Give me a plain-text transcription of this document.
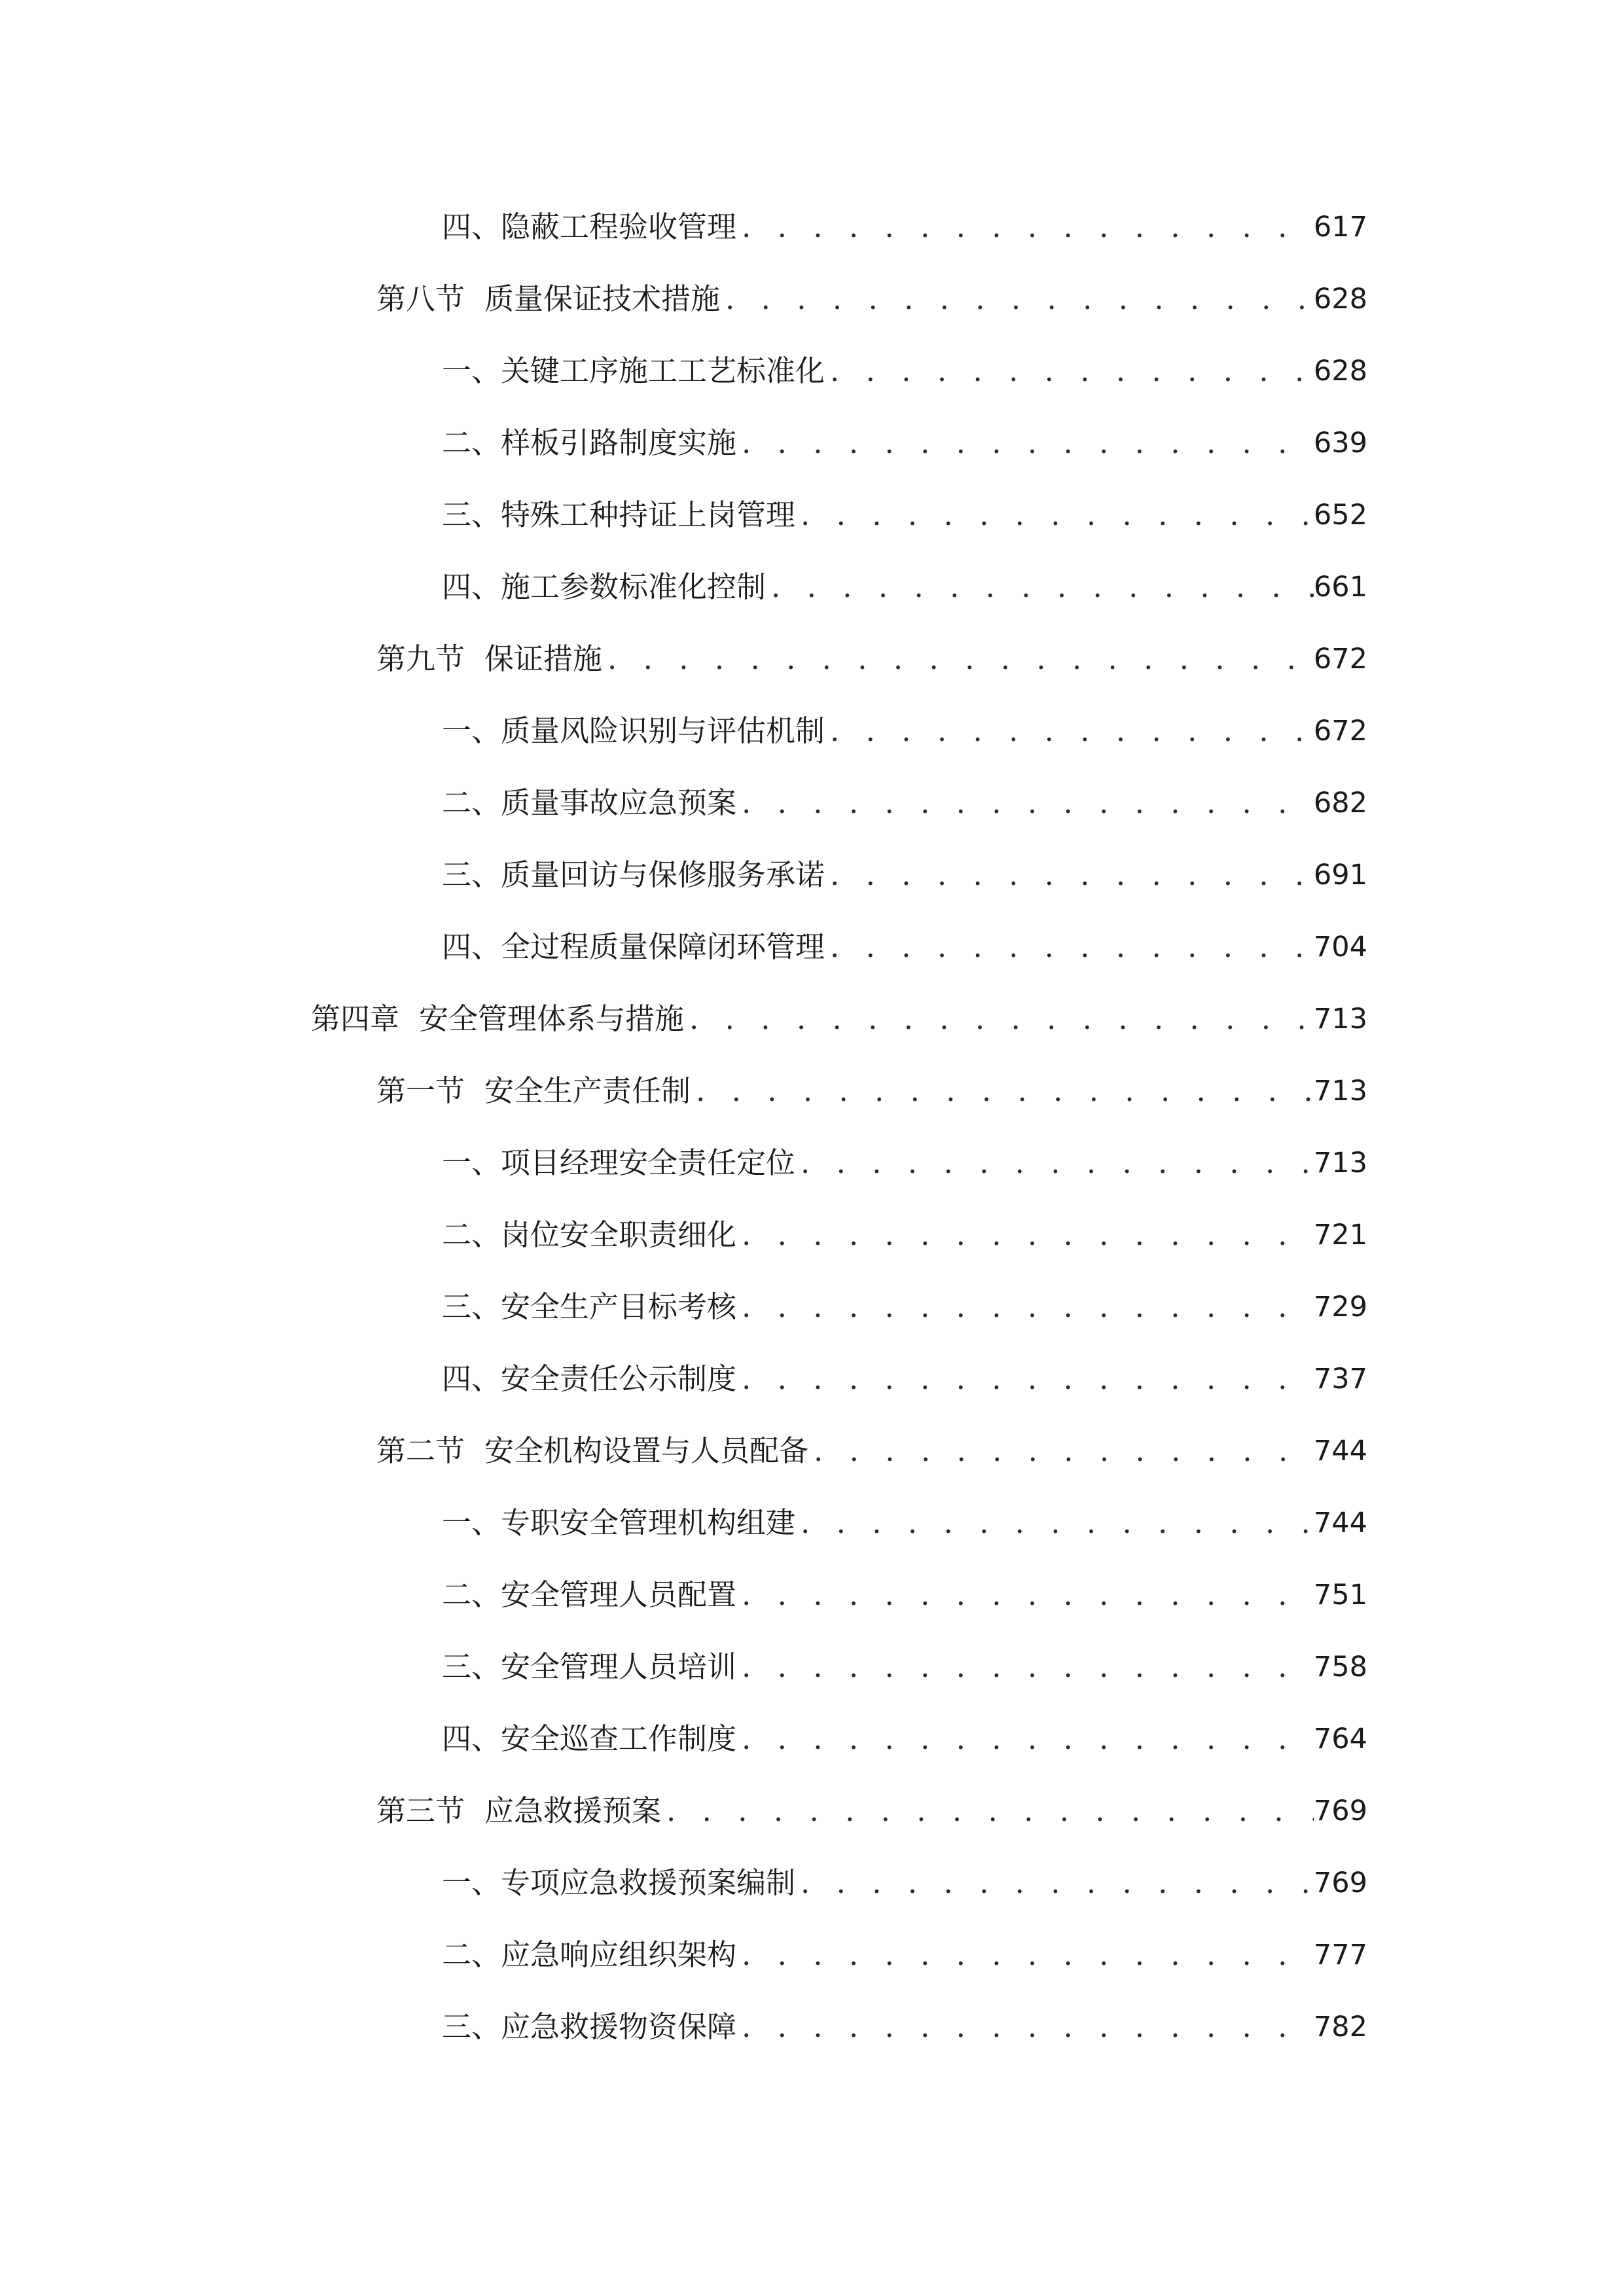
四、 隐蔽工程验收管理 . . .	617
第八节 质量保证技术措施 . . .	628
一、 关键工序施工工艺标准化 . . .	628
二、 样板引路制度实施 . . .	639
三、 特殊工种持证上岗管理 . . .	652
四、 施工参数标准化控制 . . .	661
第九节 保证措施 . . .	672
一、 质量风险识别与评估机制 . . .	672
二、 质量事故应急预案 . . .	682
三、 质量回访与保修服务承诺 . . .	691
四、 全过程质量保障闭环管理 . . .	704
第四章 安全管理体系与措施 . . .	713
第一节 安全生产责任制 . . .	713
一、 项目经理安全责任定位 . . .	713
二、 岗位安全职责细化 . . .	721
三、 安全生产目标考核 . . .	729
四、 安全责任公示制度 . . .	737
第二节 安全机构设置与人员配备 . . .	744
一、 专职安全管理机构组建 . . .	744
二、 安全管理人员配置 . . .	751
三、 安全管理人员培训 . . .	758
四、 安全巡查工作制度 . . .	764
第三节 应急救援预案 . . .	769
一、 专项应急救援预案编制 . . .	769
二、 应急响应组织架构 . . .	777
三、 应急救援物资保障 . . .	782
